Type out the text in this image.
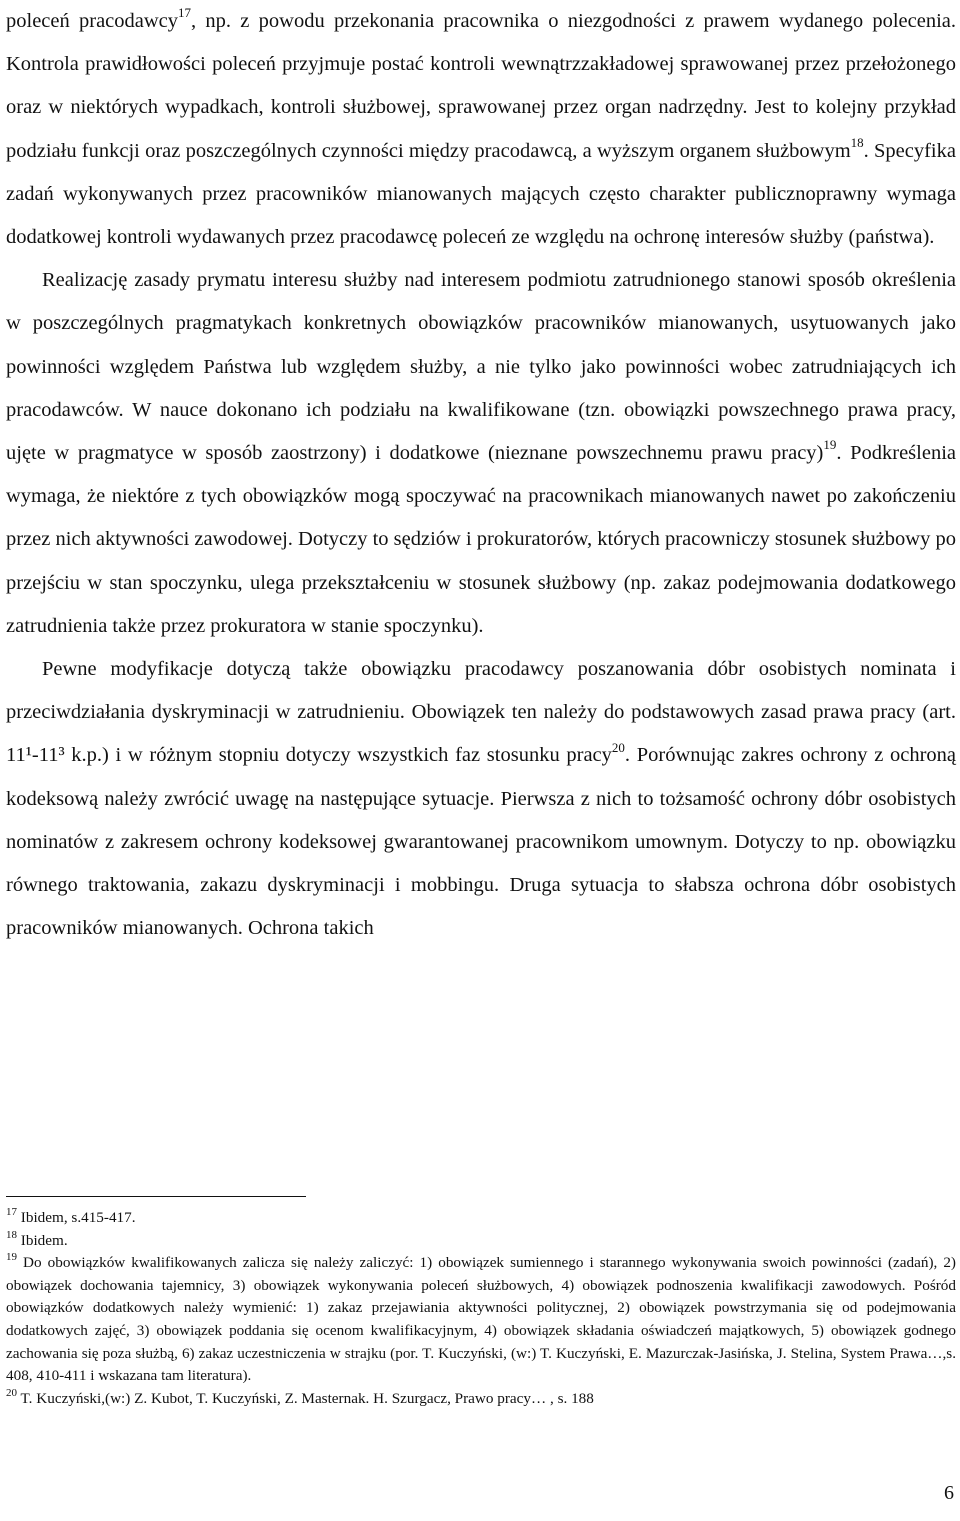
poleceń pracodawcy$^{17}$, np. z powodu przekonania pracownika o niezgodności z prawem wydanego polecenia. Kontrola prawidłowości poleceń przyjmuje postać kontroli wewnątrzzakładowej sprawowanej przez przełożonego oraz w niektórych wypadkach, kontroli służbowej, sprawowanej przez organ nadrzędny. Jest to kolejny przykład podziału funkcji oraz poszczególnych czynności między pracodawcą, a wyższym organem służbowym$^{18}$. Specyfika zadań wykonywanych przez pracowników mianowanych mających często charakter publicznoprawny wymaga dodatkowej kontroli wydawanych przez pracodawcę poleceń ze względu na ochronę interesów służby (państwa).

Realizację zasady prymatu interesu służby nad interesem podmiotu zatrudnionego stanowi sposób określenia w poszczególnych pragmatykach konkretnych obowiązków pracowników mianowanych, usytuowanych jako powinności względem Państwa lub względem służby, a nie tylko jako powinności wobec zatrudniających ich pracodawców. W nauce dokonano ich podziału na kwalifikowane (tzn. obowiązki powszechnego prawa pracy, ujęte w pragmatyce w sposób zaostrzony) i dodatkowe (nieznane powszechnemu prawu pracy)$^{19}$. Podkreślenia wymaga, że niektóre z tych obowiązków mogą spoczywać na pracownikach mianowanych nawet po zakończeniu przez nich aktywności zawodowej. Dotyczy to sędziów i prokuratorów, których pracowniczy stosunek służbowy po przejściu w stan spoczynku, ulega przekształceniu w stosunek służbowy (np. zakaz podejmowania dodatkowego zatrudnienia także przez prokuratora w stanie spoczynku).

Pewne modyfikacje dotyczą także obowiązku pracodawcy poszanowania dóbr osobistych nominata i przeciwdziałania dyskryminacji w zatrudnieniu. Obowiązek ten należy do podstawowych zasad prawa pracy (art. 11¹-11³ k.p.) i w różnym stopniu dotyczy wszystkich faz stosunku pracy$^{20}$. Porównując zakres ochrony z ochroną kodeksową należy zwrócić uwagę na następujące sytuacje. Pierwsza z nich to tożsamość ochrony dóbr osobistych nominatów z zakresem ochrony kodeksowej gwarantowanej pracownikom umownym. Dotyczy to np. obowiązku równego traktowania, zakazu dyskryminacji i mobbingu. Druga sytuacja to słabsza ochrona dóbr osobistych pracowników mianowanych. Ochrona takich

$^{17}$ Ibidem, s.415-417.

$^{18}$ Ibidem.

$^{19}$ Do obowiązków kwalifikowanych zalicza się należy zaliczyć: 1) obowiązek sumiennego i starannego wykonywania swoich powinności (zadań), 2) obowiązek dochowania tajemnicy, 3) obowiązek wykonywania poleceń służbowych, 4) obowiązek podnoszenia kwalifikacji zawodowych. Pośród obowiązków dodatkowych należy wymienić: 1) zakaz przejawiania aktywności politycznej, 2) obowiązek powstrzymania się od podejmowania dodatkowych zajęć, 3) obowiązek poddania się ocenom kwalifikacyjnym, 4) obowiązek składania oświadczeń majątkowych, 5) obowiązek godnego zachowania się poza służbą, 6) zakaz uczestniczenia w strajku (por. T. Kuczyński, (w:) T. Kuczyński, E. Mazurczak-Jasińska, J. Stelina, System Prawa…,s. 408, 410-411 i wskazana tam literatura).

$^{20}$ T. Kuczyński,(w:) Z. Kubot, T. Kuczyński, Z. Masternak. H. Szurgacz, Prawo pracy… , s. 188

6
